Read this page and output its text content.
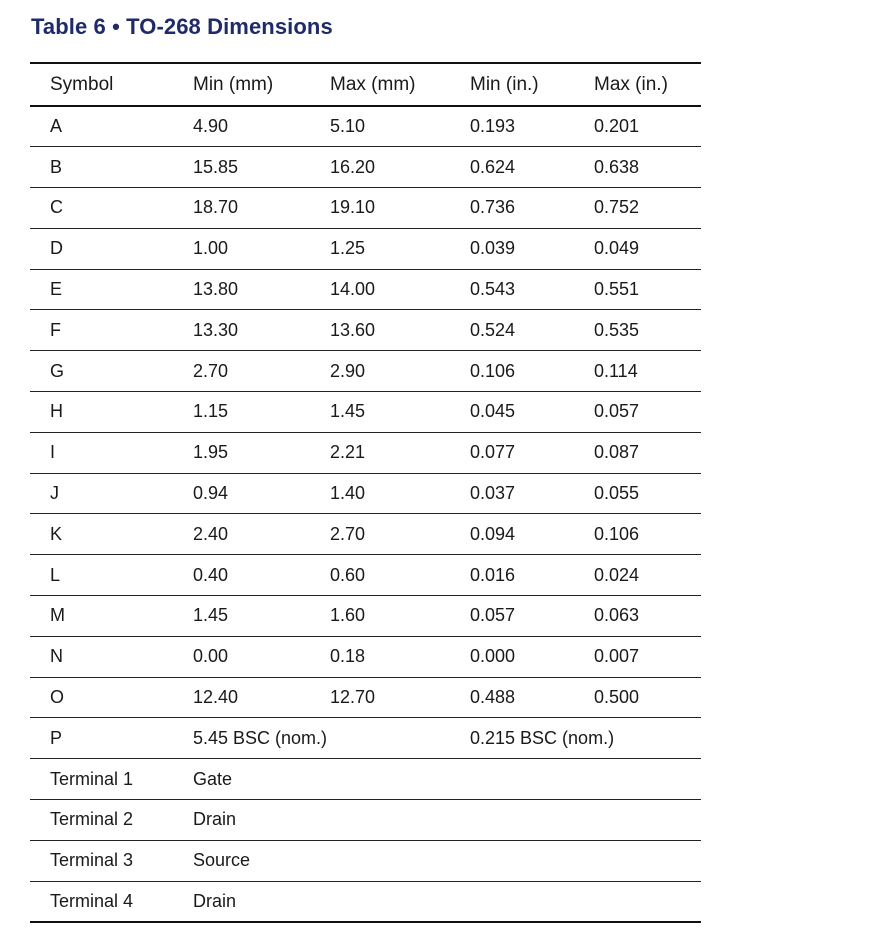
Table 6 • TO-268 Dimensions
Symbol	Min (mm)	Max (mm)	Min (in.)	Max (in.)
A	4.90	5.10	0.193	0.201
B	15.85	16.20	0.624	0.638
C	18.70	19.10	0.736	0.752
D	1.00	1.25	0.039	0.049
E	13.80	14.00	0.543	0.551
F	13.30	13.60	0.524	0.535
G	2.70	2.90	0.106	0.114
H	1.15	1.45	0.045	0.057
I	1.95	2.21	0.077	0.087
J	0.94	1.40	0.037	0.055
K	2.40	2.70	0.094	0.106
L	0.40	0.60	0.016	0.024
M	1.45	1.60	0.057	0.063
N	0.00	0.18	0.000	0.007
O	12.40	12.70	0.488	0.500
P	5.45 BSC (nom.)		0.215 BSC (nom.)	
Terminal 1	Gate			
Terminal 2	Drain			
Terminal 3	Source			
Terminal 4	Drain			
